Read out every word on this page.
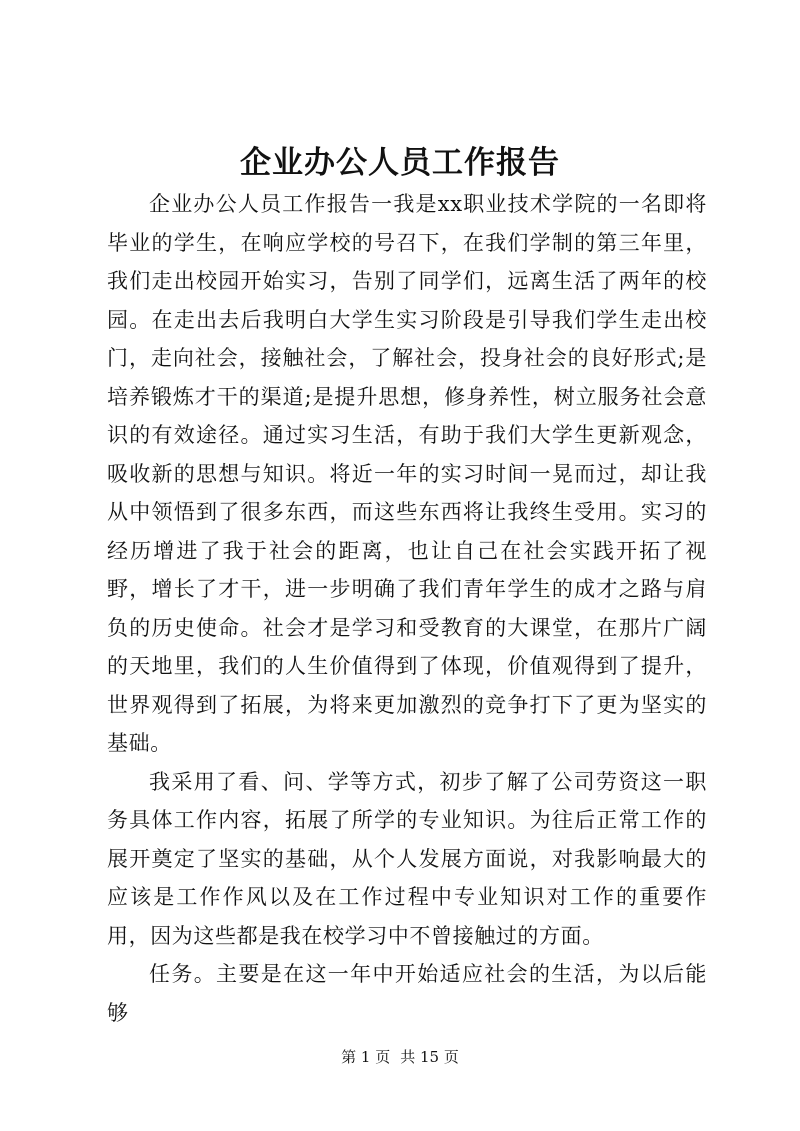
企业办公人员工作报告

企业办公人员工作报告一我是xx职业技术学院的一名即将毕业的学生，在响应学校的号召下，在我们学制的第三年里，我们走出校园开始实习，告别了同学们，远离生活了两年的校园。在走出去后我明白大学生实习阶段是引导我们学生走出校门，走向社会，接触社会，了解社会，投身社会的良好形式;是培养锻炼才干的渠道;是提升思想，修身养性，树立服务社会意识的有效途径。通过实习生活，有助于我们大学生更新观念，吸收新的思想与知识。将近一年的实习时间一晃而过，却让我从中领悟到了很多东西，而这些东西将让我终生受用。实习的经历增进了我于社会的距离，也让自己在社会实践开拓了视野，增长了才干，进一步明确了我们青年学生的成才之路与肩负的历史使命。社会才是学习和受教育的大课堂，在那片广阔的天地里，我们的人生价值得到了体现，价值观得到了提升，世界观得到了拓展，为将来更加激烈的竞争打下了更为坚实的基础。

我采用了看、问、学等方式，初步了解了公司劳资这一职务具体工作内容，拓展了所学的专业知识。为往后正常工作的展开奠定了坚实的基础，从个人发展方面说，对我影响最大的应该是工作作风以及在工作过程中专业知识对工作的重要作用，因为这些都是我在校学习中不曾接触过的方面。

任务。主要是在这一年中开始适应社会的生活，为以后能够

第 1 页 共 15 页
